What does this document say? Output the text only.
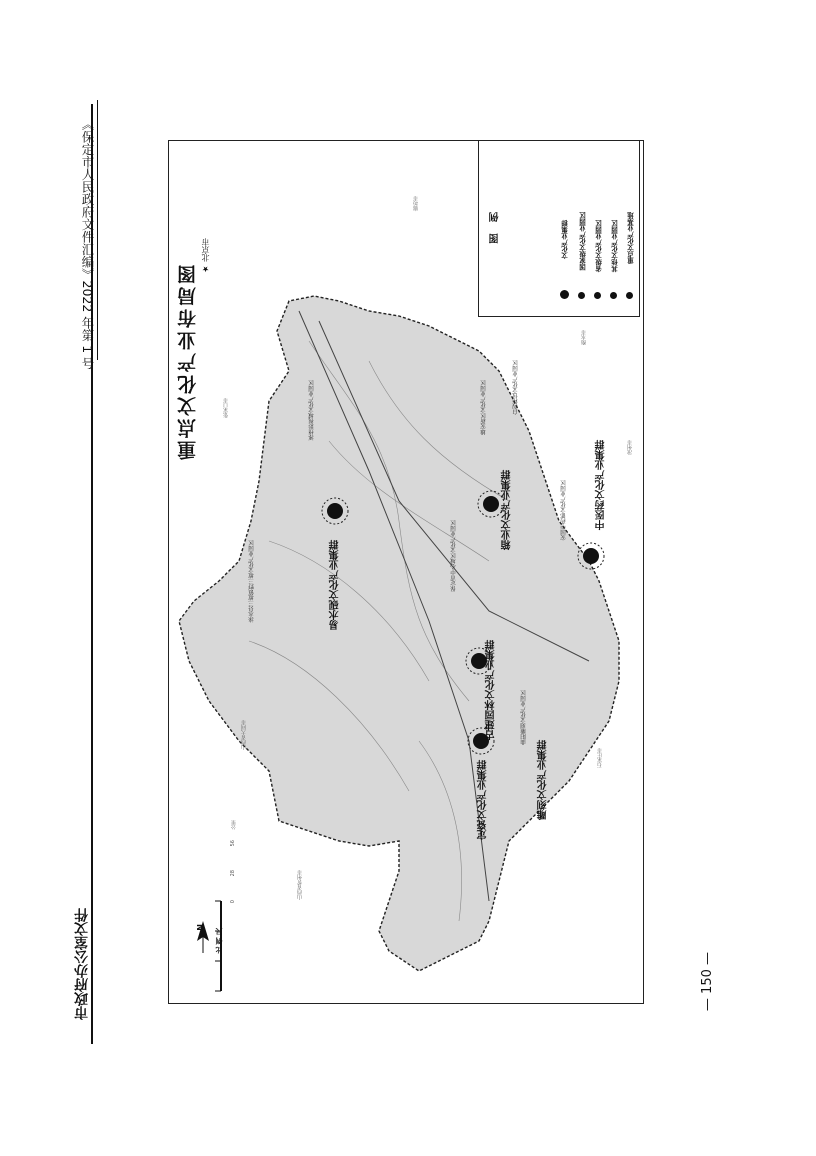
市政府办公室文件
《保定市人民政府文件汇编》2022 年第 1 号
— 150 —
重点文化产业布局图
★ 北京市
易水砚文化产业集群
古建园林文化产业集群
定瓷文化产业集群	雕刻文化产业集群
箱业文化产业集群	中医药文化产业集群
涞水县三坡镇野三坡文化产业园区
涿州影视城文化产业园区	雄安新区文化产业园区
保定市中心城区文化产业园区
安国中药都文化产业园区
曲阳雕刻文化产业园区
白沟箱包文化产业园区
张家口市
廊坊市
沧州市
石家庄市
衡水市
山西省大同市
山西省忻州市
图 例	文化产业集群 国家级文化产业园区 省级文化产业园区 其他文化产业园区 重点文化产业基地
比 例 尺
N
0
28
56
公里
